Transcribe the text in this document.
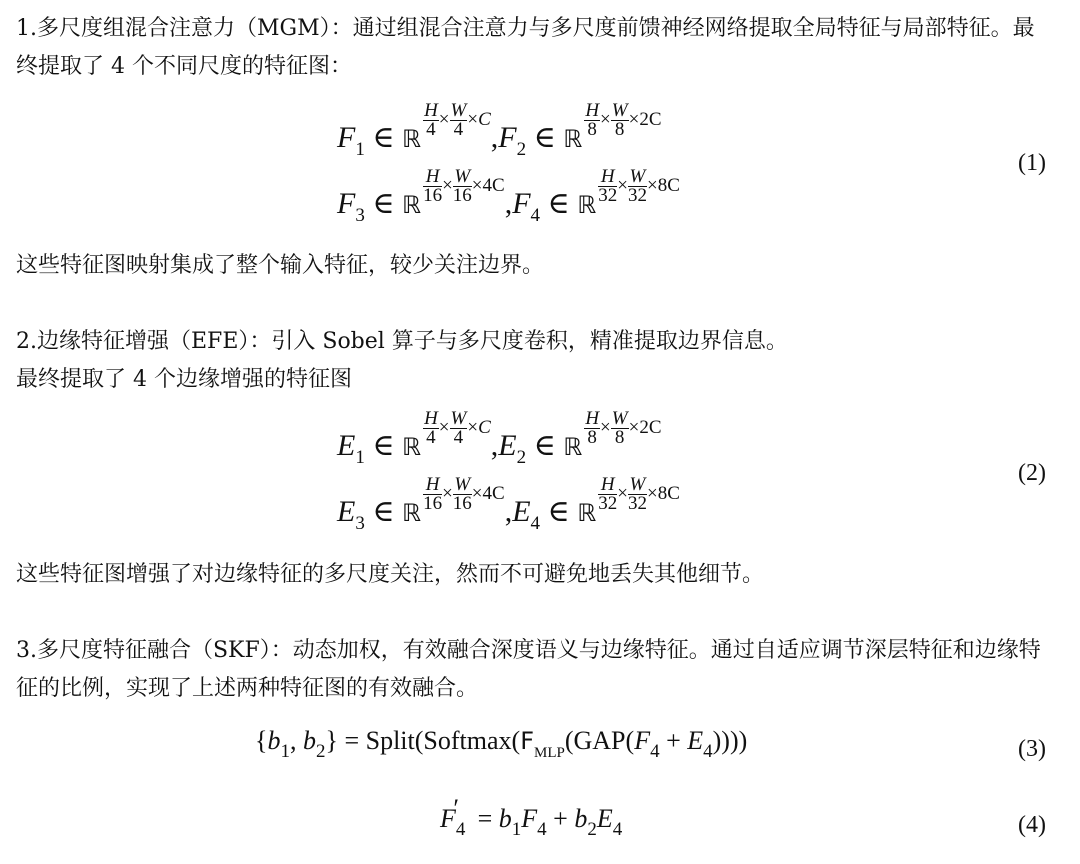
1.多尺度组混合注意力（MGM）：通过组混合注意力与多尺度前馈神经网络提取全局特征与局部特征。最终提取了 4 个不同尺度的特征图：
$F_1$ ∈ ℝ $\frac{H}{4} \times \frac{W}{4} \times C,F_2$ ∈ ℝ $\frac{H}{8} \times \frac{W}{8} \times 2C$
$F_3$ ∈ ℝ $\frac{H}{16} \times \frac{W}{16} \times 4C,F_4$ ∈ ℝ $\frac{H}{32} \times \frac{W}{32} \times 8C$
(1)
这些特征图映射集成了整个输入特征，较少关注边界。
2.边缘特征增强（EFE）：引入 Sobel 算子与多尺度卷积，精准提取边界信息。
最终提取了 4 个边缘增强的特征图
$E_1$ ∈ ℝ $\frac{H}{4} \times \frac{W}{4} \times C,E_2$ ∈ ℝ $\frac{H}{8} \times \frac{W}{8} \times 2C$
$E_3$ ∈ ℝ $\frac{H}{16} \times \frac{W}{16} \times 4C,E_4$ ∈ ℝ $\frac{H}{32} \times \frac{W}{32} \times 8C$
(2)
这些特征图增强了对边缘特征的多尺度关注，然而不可避免地丢失其他细节。
3.多尺度特征融合（SKF）：动态加权，有效融合深度语义与边缘特征。通过自适应调节深层特征和边缘特征的比例，实现了上述两种特征图的有效融合。
{$b_1$, $b_2$} = $Split(Softmax(F_{MLP}(GAP(F_4 + E_4))))$	(3)
$F_4' = b_1F_4 + b_2E_4$	(4)
